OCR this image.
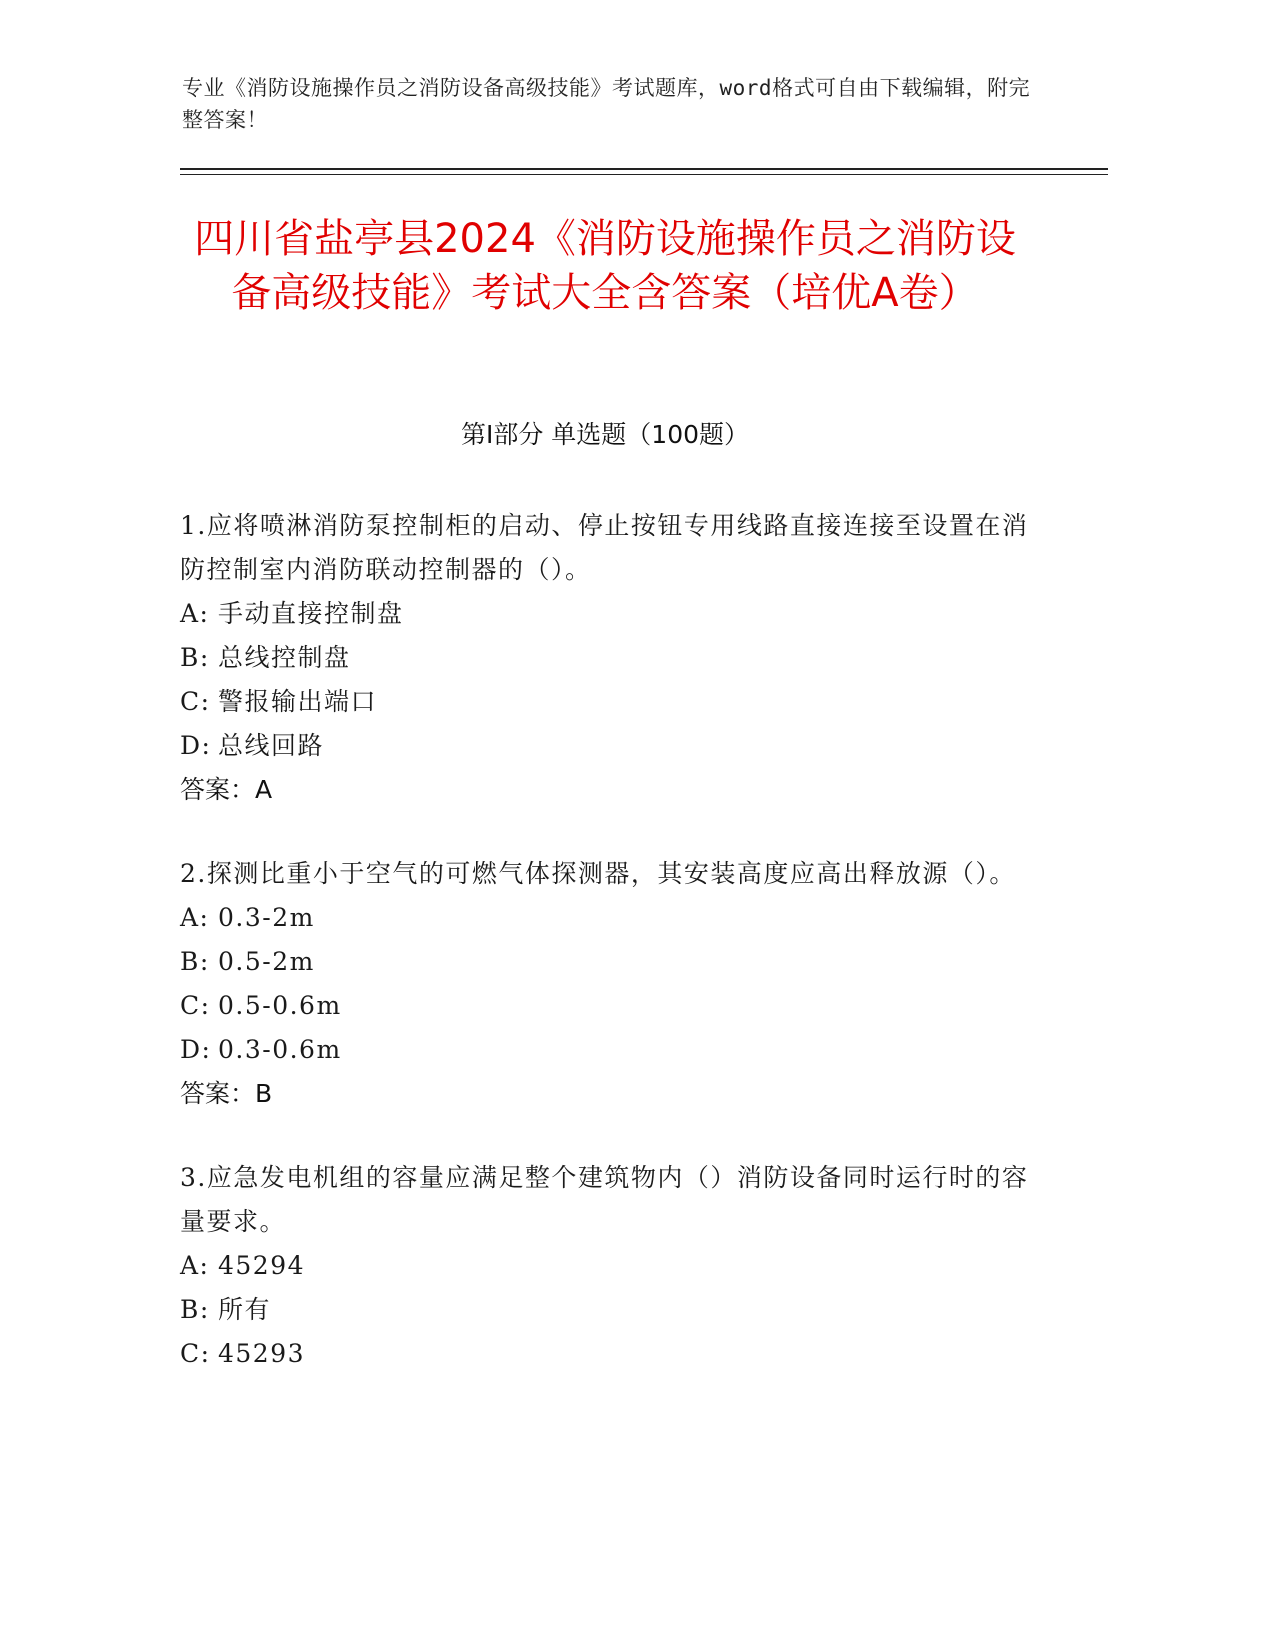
专业《消防设施操作员之消防设备高级技能》考试题库，word格式可自由下载编辑，附完整答案！
四川省盐亭县2024《消防设施操作员之消防设备高级技能》考试大全含答案（培优A卷）
第I部分 单选题（100题）

1.应将喷淋消防泵控制柜的启动、停止按钮专用线路直接连接至设置在消防控制室内消防联动控制器的（）。

A: 手动直接控制盘

B: 总线控制盘

C: 警报输出端口

D: 总线回路

答案：A

2.探测比重小于空气的可燃气体探测器，其安装高度应高出释放源（）。

A: 0.3-2m

B: 0.5-2m

C: 0.5-0.6m

D: 0.3-0.6m

答案：B

3.应急发电机组的容量应满足整个建筑物内（）消防设备同时运行时的容量要求。

A: 45294

B: 所有

C: 45293
